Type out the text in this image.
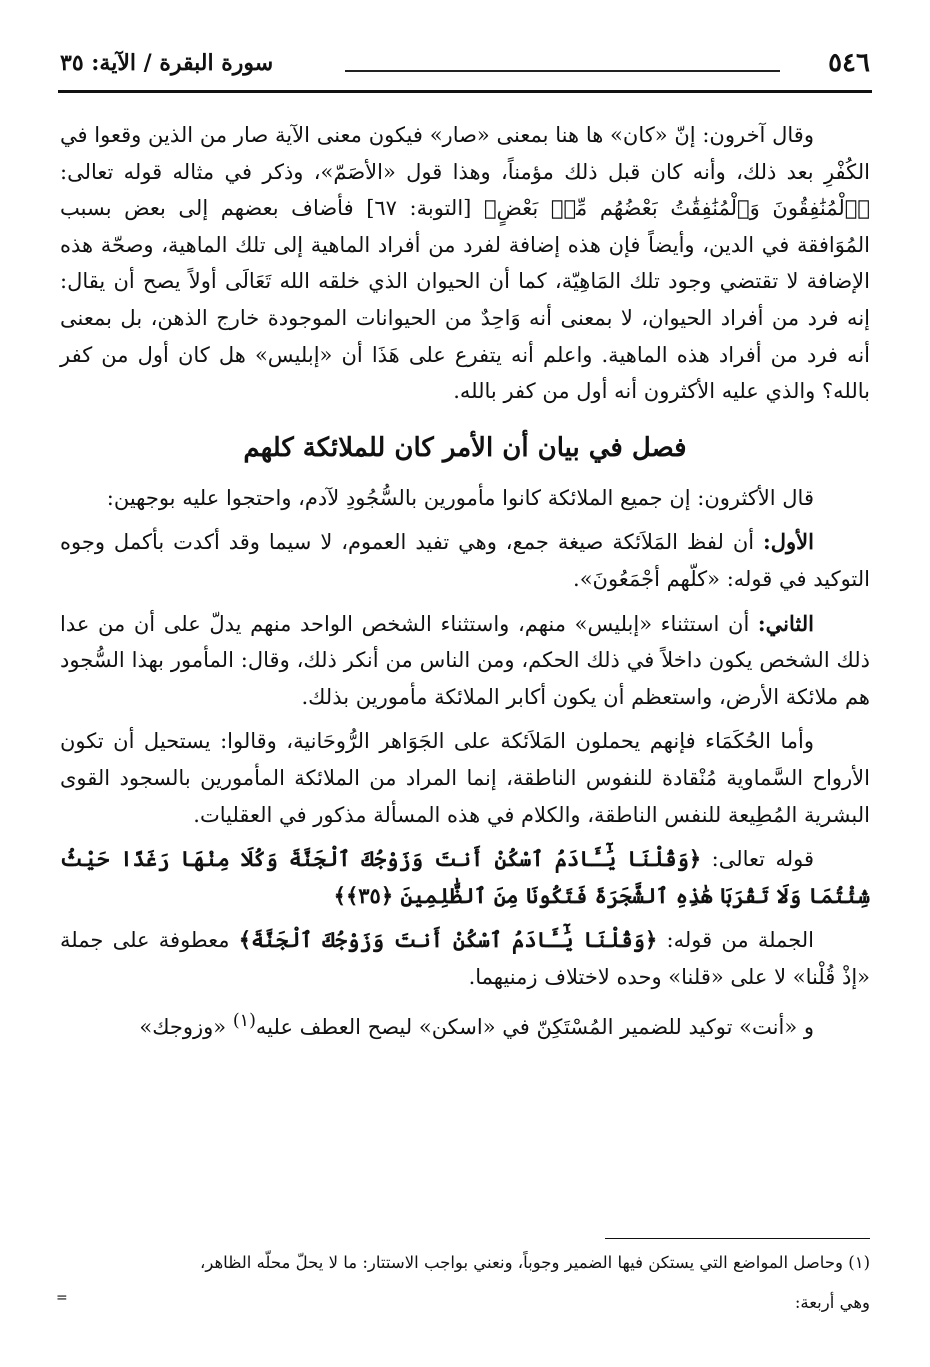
٥٤٦
سورة البقرة / الآية: ٣٥

وقال آخرون: إنّ «كان» ها هنا بمعنى «صار» فيكون معنى الآية صار من الذين وقعوا في الكُفْرِ بعد ذلك، وأنه كان قبل ذلك مؤمناً، وهذا قول «الأصَمّ»، وذكر في مثاله قوله تعالى: ﴿ٱلْمُنَٰفِقُونَ وَٱلْمُنَٰفِقَٰتُ بَعْضُهُم مِّنۢ بَعْضٍ﴾ [التوبة: ٦٧] فأضاف بعضهم إلى بعض بسبب المُوَافقة في الدين، وأيضاً فإن هذه إضافة لفرد من أفراد الماهية إلى تلك الماهية، وصحّة هذه الإضافة لا تقتضي وجود تلك المَاهِيّة، كما أن الحيوان الذي خلقه الله تَعَالَى أولاً يصح أن يقال: إنه فرد من أفراد الحيوان، لا بمعنى أنه وَاحِدٌ من الحيوانات الموجودة خارج الذهن، بل بمعنى أنه فرد من أفراد هذه الماهية. واعلم أنه يتفرع على هَذَا أن «إبليس» هل كان أول من كفر بالله؟ والذي عليه الأكثرون أنه أول من كفر بالله.

فصل في بيان أن الأمر كان للملائكة كلهم

قال الأكثرون: إن جميع الملائكة كانوا مأمورين بالسُّجُودِ لآدم، واحتجوا عليه بوجهين:

الأول: أن لفظ المَلاَئكة صيغة جمع، وهي تفيد العموم، لا سيما وقد أكدت بأكمل وجوه التوكيد في قوله: «كلّهم أجْمَعُونَ».

الثاني: أن استثناء «إبليس» منهم، واستثناء الشخص الواحد منهم يدلّ على أن من عدا ذلك الشخص يكون داخلاً في ذلك الحكم، ومن الناس من أنكر ذلك، وقال: المأمور بهذا السُّجود هم ملائكة الأرض، واستعظم أن يكون أكابر الملائكة مأمورين بذلك.

وأما الحُكَمَاء فإنهم يحملون المَلاَئكة على الجَوَاهر الرُّوحَانية، وقالوا: يستحيل أن تكون الأرواح السَّماوية مُنْقادة للنفوس الناطقة، إنما المراد من الملائكة المأمورين بالسجود القوى البشرية المُطِيعة للنفس الناطقة، والكلام في هذه المسألة مذكور في العقليات.

قوله تعالى: ﴿وَقُلْنَا يَٰٓـَٔادَمُ ٱسْكُنْ أَنتَ وَزَوْجُكَ ٱلْجَنَّةَ وَكُلَا مِنْهَا رَغَدًا حَيْثُ شِئْتُمَا وَلَا تَقْرَبَا هَٰذِهِ ٱلشَّجَرَةَ فَتَكُونَا مِنَ ٱلظَّٰلِمِينَ ﴿٣٥﴾﴾

الجملة من قوله: ﴿وَقُلْنَا يَٰٓـَٔادَمُ ٱسْكُنْ أَنتَ وَزَوْجُكَ ٱلْجَنَّةَ﴾ معطوفة على جملة «إذْ قُلْنا» لا على «قلنا» وحده لاختلاف زمنيهما.

و «أنت» توكيد للضمير المُسْتَكِنّ في «اسكن» ليصح العطف عليه$^{(١)}$ «وزوجك»

(١) وحاصل المواضع التي يستكن فيها الضمير وجوباً، ونعني بواجب الاستتار: ما لا يحلّ محلّه الظاهر،

وهي أربعة:

=
